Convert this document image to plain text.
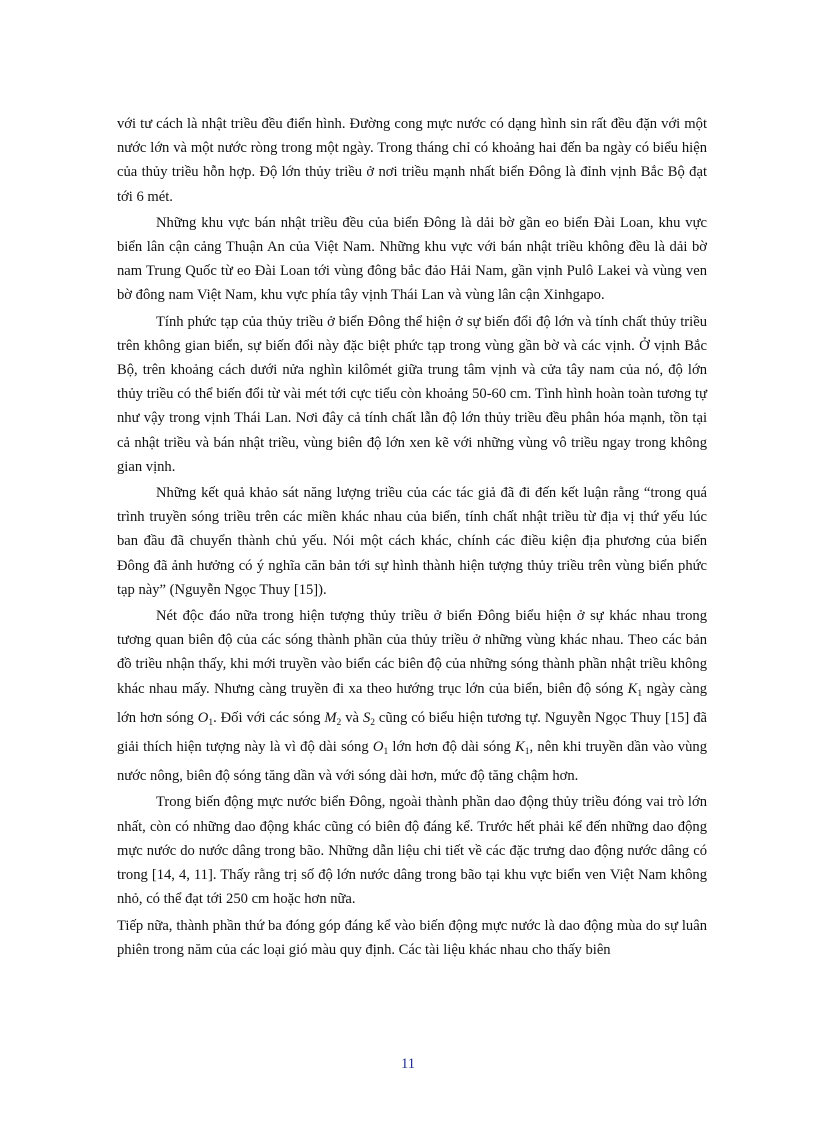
với tư cách là nhật triều đều điển hình. Đường cong mực nước có dạng hình sin rất đều đặn với một nước lớn và một nước ròng trong một ngày. Trong tháng chỉ có khoảng hai đến ba ngày có biểu hiện của thủy triều hỗn hợp. Độ lớn thủy triều ở nơi triều mạnh nhất biển Đông là đỉnh vịnh Bắc Bộ đạt tới 6 mét.

Những khu vực bán nhật triều đều của biển Đông là dải bờ gần eo biển Đài Loan, khu vực biển lân cận cảng Thuận An của Việt Nam. Những khu vực với bán nhật triều không đều là dải bờ nam Trung Quốc từ eo Đài Loan tới vùng đông bắc đảo Hải Nam, gần vịnh Pulô Lakei và vùng ven bờ đông nam Việt Nam, khu vực phía tây vịnh Thái Lan và vùng lân cận Xinhgapo.

Tính phức tạp của thủy triều ở biển Đông thể hiện ở sự biến đổi độ lớn và tính chất thủy triều trên không gian biển, sự biến đổi này đặc biệt phức tạp trong vùng gần bờ và các vịnh. Ở vịnh Bắc Bộ, trên khoảng cách dưới nửa nghìn kilômét giữa trung tâm vịnh và cửa tây nam của nó, độ lớn thủy triều có thể biến đổi từ vài mét tới cực tiểu còn khoảng 50-60 cm. Tình hình hoàn toàn tương tự như vậy trong vịnh Thái Lan. Nơi đây cả tính chất lẫn độ lớn thủy triều đều phân hóa mạnh, tồn tại cả nhật triều và bán nhật triều, vùng biên độ lớn xen kẽ với những vùng vô triều ngay trong không gian vịnh.

Những kết quả khảo sát năng lượng triều của các tác giả đã đi đến kết luận rằng “trong quá trình truyền sóng triều trên các miền khác nhau của biển, tính chất nhật triều từ địa vị thứ yếu lúc ban đầu đã chuyển thành chủ yếu. Nói một cách khác, chính các điều kiện địa phương của biển Đông đã ảnh hưởng có ý nghĩa căn bản tới sự hình thành hiện tượng thủy triều trên vùng biển phức tạp này” (Nguyễn Ngọc Thuy [15]).

Nét độc đáo nữa trong hiện tượng thủy triều ở biển Đông biểu hiện ở sự khác nhau trong tương quan biên độ của các sóng thành phần của thủy triều ở những vùng khác nhau. Theo các bản đồ triều nhận thấy, khi mới truyền vào biển các biên độ của những sóng thành phần nhật triều không khác nhau mấy. Nhưng càng truyền đi xa theo hướng trục lớn của biển, biên độ sóng $K_1$ ngày càng lớn hơn sóng $O_1$. Đối với các sóng $M_2$ và $S_2$ cũng có biểu hiện tương tự. Nguyễn Ngọc Thuy [15] đã giải thích hiện tượng này là vì độ dài sóng $O_1$ lớn hơn độ dài sóng $K_1$, nên khi truyền dần vào vùng nước nông, biên độ sóng tăng dần và với sóng dài hơn, mức độ tăng chậm hơn.

Trong biến động mực nước biển Đông, ngoài thành phần dao động thủy triều đóng vai trò lớn nhất, còn có những dao động khác cũng có biên độ đáng kể. Trước hết phải kể đến những dao động mực nước do nước dâng trong bão. Những dẫn liệu chi tiết về các đặc trưng dao động nước dâng có trong [14, 4, 11]. Thấy rằng trị số độ lớn nước dâng trong bão tại khu vực biển ven Việt Nam không nhỏ, có thể đạt tới 250 cm hoặc hơn nữa.

Tiếp nữa, thành phần thứ ba đóng góp đáng kể vào biến động mực nước là dao động mùa do sự luân phiên trong năm của các loại gió màu quy định. Các tài liệu khác nhau cho thấy biên

11
